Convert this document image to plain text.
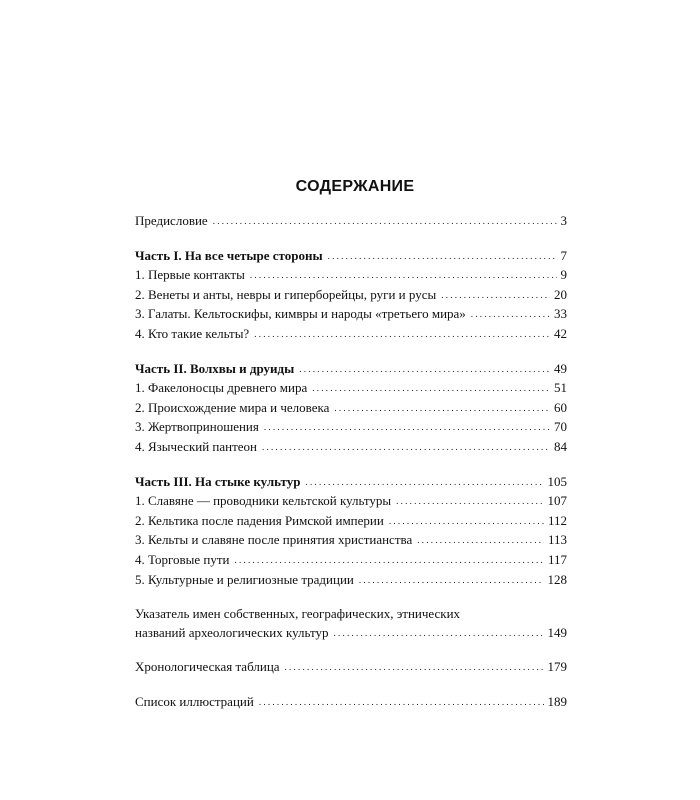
СОДЕРЖАНИЕ
Предисловие . . .	3
Часть I. На все четыре стороны . . .	7
1. Первые контакты . . .	9
2. Венеты и анты, невры и гиперборейцы, руги и русы . . .	20
3. Галаты. Кельтоскифы, кимвры и народы «третьего мира» . . .	33
4. Кто такие кельты? . . .	42
Часть II. Волхвы и друиды . . .	49
1. Факелоносцы древнего мира . . .	51
2. Происхождение мира и человека . . .	60
3. Жертвоприношения . . .	70
4. Языческий пантеон . . .	84
Часть III. На стыке культур . . .	105
1. Славяне — проводники кельтской культуры . . .	107
2. Кельтика после падения Римской империи . . .	112
3. Кельты и славяне после принятия христианства . . .	113
4. Торговые пути . . .	117
5. Культурные и религиозные традиции . . .	128
Указатель имен собственных, географических, этнических
названий археологических культур . . .	149
Хронологическая таблица . . .	179
Список иллюстраций . . .	189
